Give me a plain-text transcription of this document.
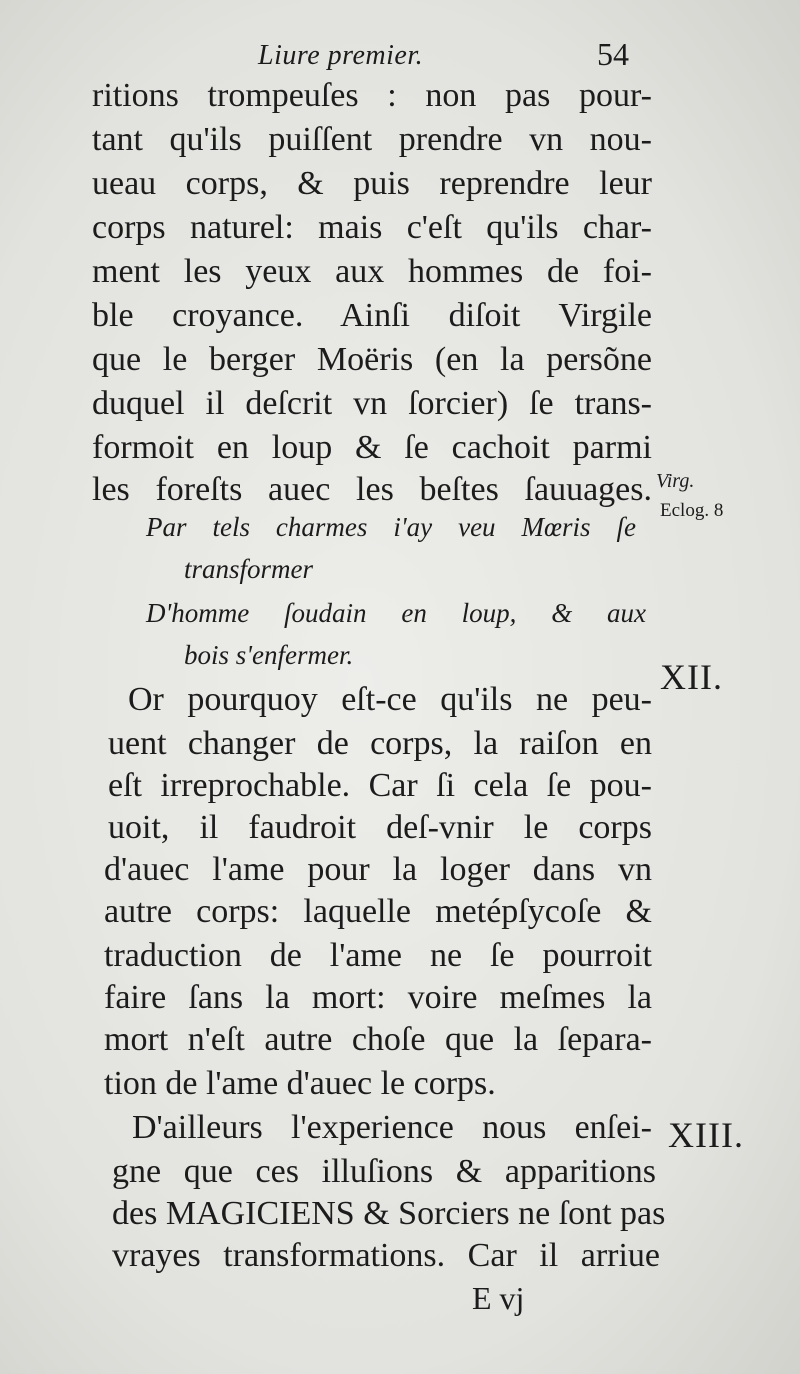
Liure premier.	54
ritions trompeuſes : non pas pour-
tant qu'ils puiſſent prendre vn nou-
ueau corps, & puis reprendre leur
corps naturel: mais c'eſt qu'ils char-
ment les yeux aux hommes de foi-
ble croyance. Ainſi diſoit Virgile
que le berger Moëris (en la persõne
duquel il deſcrit vn ſorcier) ſe trans-
formoit en loup & ſe cachoit parmi
les foreſts auec les beſtes ſauuages.
Par tels charmes i'ay veu Mœris ſe
transformer
D'homme ſoudain en loup, & aux
bois s'enfermer.
Or pourquoy eſt-ce qu'ils ne peu-
uent changer de corps, la raiſon en
eſt irreprochable. Car ſi cela ſe pou-
uoit, il faudroit deſ-vnir le corps
d'auec l'ame pour la loger dans vn
autre corps: laquelle metépſycoſe &
traduction de l'ame ne ſe pourroit
faire ſans la mort: voire meſmes la
mort n'eſt autre choſe que la ſepara-
tion de l'ame d'auec le corps.
D'ailleurs l'experience nous enſei-
gne que ces illuſions & apparitions
des MAGICIENS & Sorciers ne ſont pas
vrayes transformations. Car il arriue
Virg.
Eclog. 8
XII.
XIII.
E vj
